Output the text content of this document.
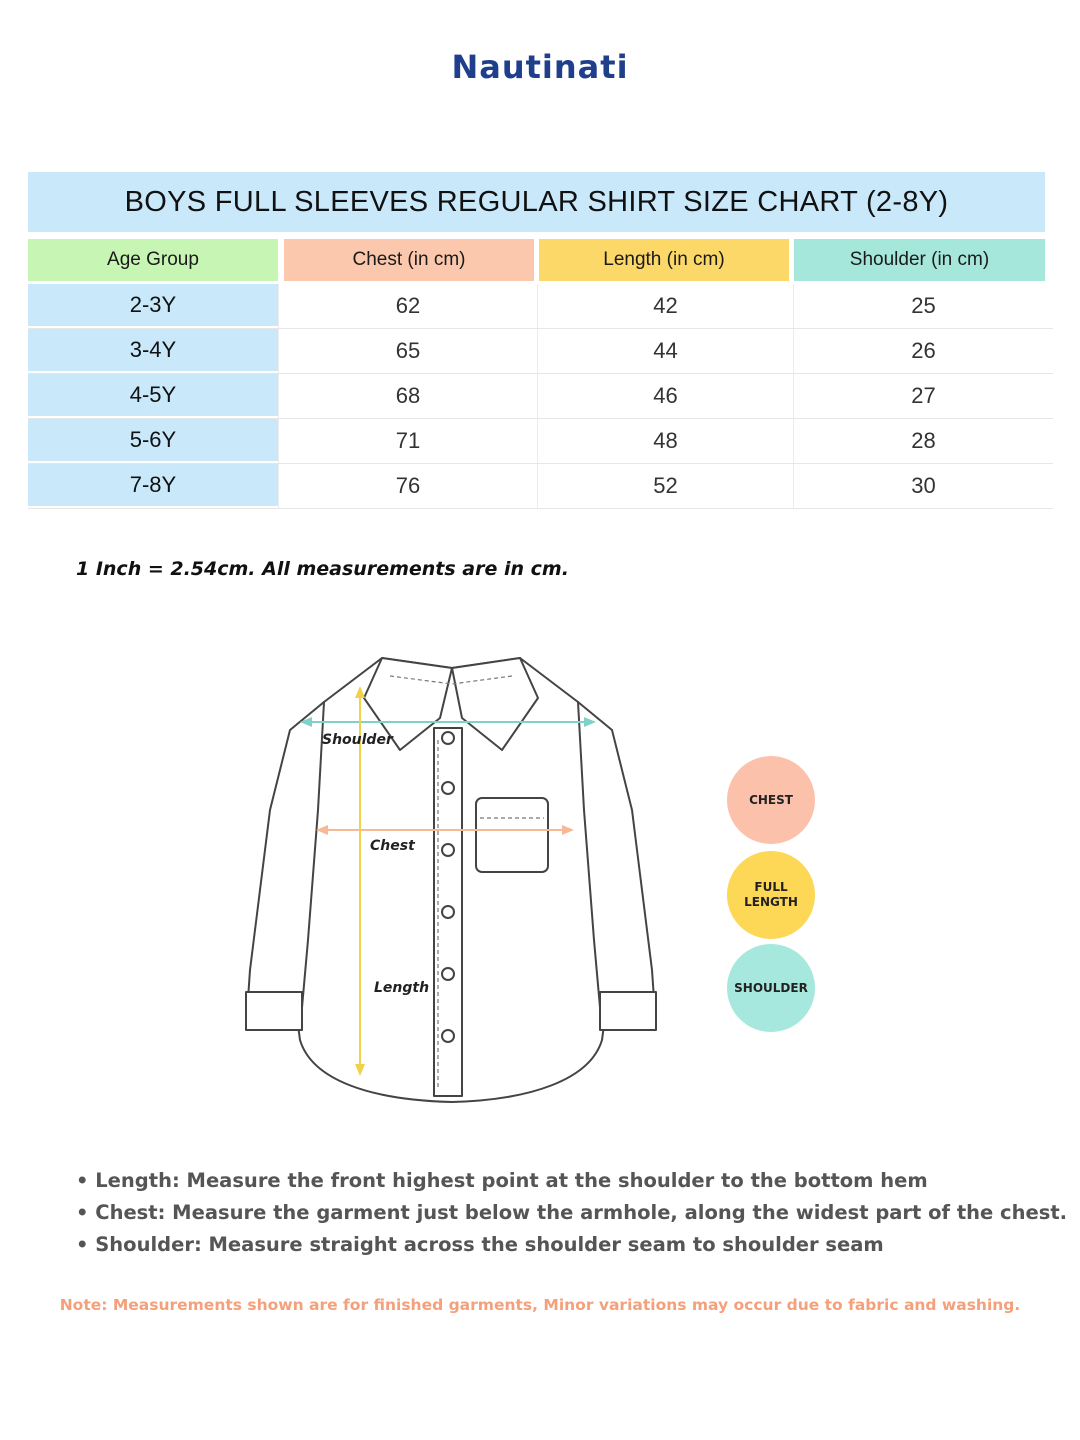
Nautinati
BOYS FULL SLEEVES REGULAR SHIRT SIZE CHART (2-8Y)
Age Group	Chest (in cm)	Length (in cm)	Shoulder (in cm)
2-3Y	62	42	25
3-4Y	65	44	26
4-5Y	68	46	27
5-6Y	71	48	28
7-8Y	76	52	30
1 Inch = 2.54cm. All measurements are in cm.
Shoulder
Chest
Length
CHEST
FULL
LENGTH
SHOULDER
• Length: Measure the front highest point at the shoulder to the bottom hem
• Chest: Measure the garment just below the armhole, along the widest part of the chest.
• Shoulder: Measure straight across the shoulder seam to shoulder seam
Note: Measurements shown are for finished garments, Minor variations may occur due to fabric and washing.
